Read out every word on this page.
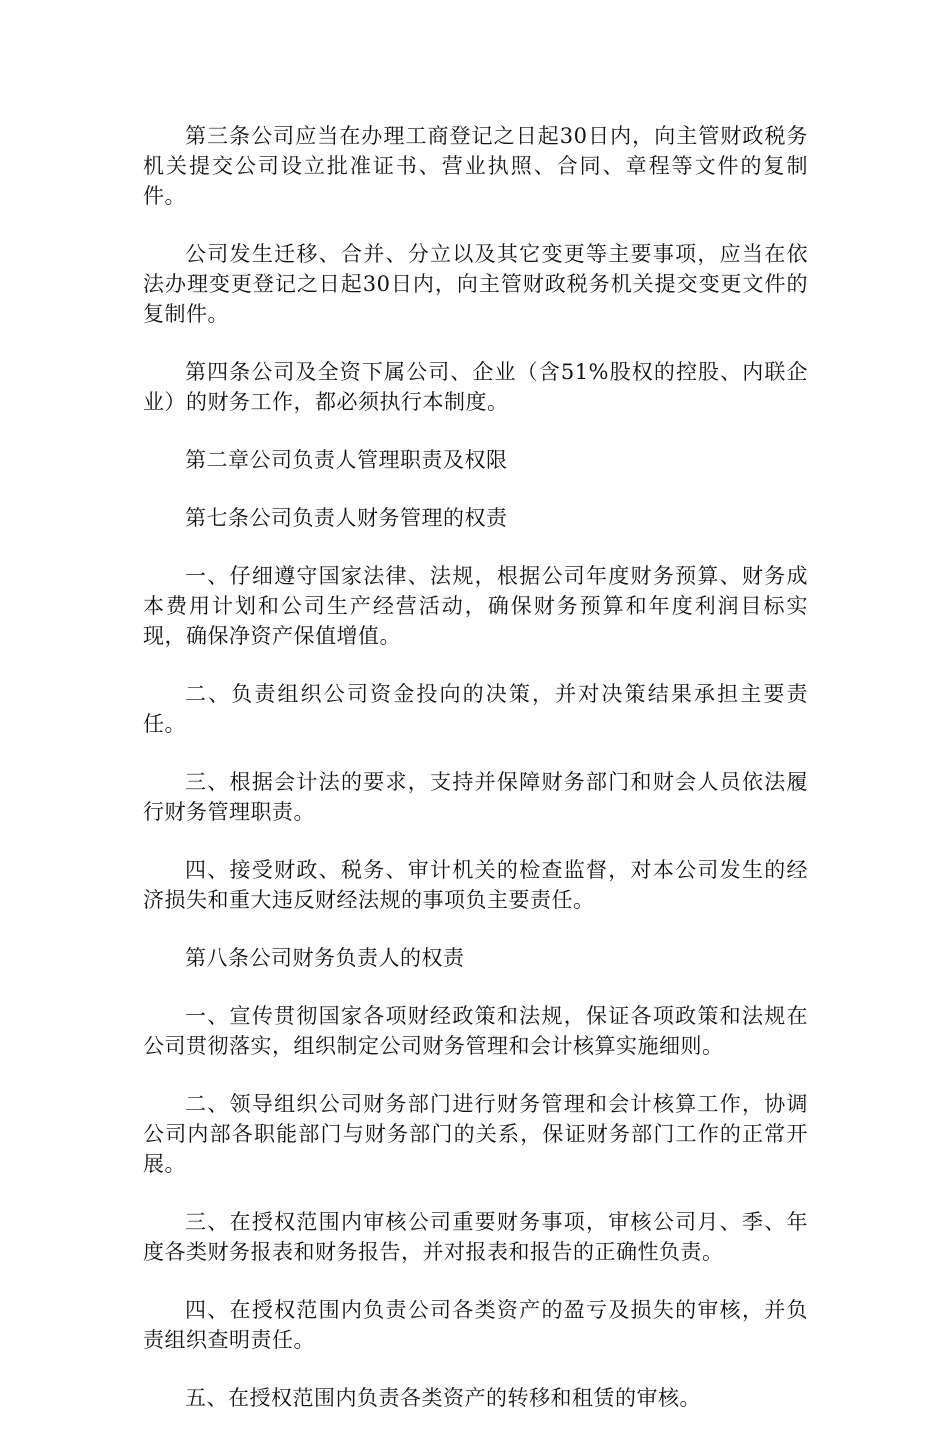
第三条公司应当在办理工商登记之日起30日内，向主管财政税务机关提交公司设立批准证书、营业执照、合同、章程等文件的复制件。

公司发生迁移、合并、分立以及其它变更等主要事项，应当在依法办理变更登记之日起30日内，向主管财政税务机关提交变更文件的复制件。

第四条公司及全资下属公司、企业（含51%股权的控股、内联企业）的财务工作，都必须执行本制度。

第二章公司负责人管理职责及权限

第七条公司负责人财务管理的权责

一、仔细遵守国家法律、法规，根据公司年度财务预算、财务成本费用计划和公司生产经营活动，确保财务预算和年度利润目标实现，确保净资产保值增值。

二、负责组织公司资金投向的决策，并对决策结果承担主要责任。

三、根据会计法的要求，支持并保障财务部门和财会人员依法履行财务管理职责。

四、接受财政、税务、审计机关的检查监督，对本公司发生的经济损失和重大违反财经法规的事项负主要责任。

第八条公司财务负责人的权责

一、宣传贯彻国家各项财经政策和法规，保证各项政策和法规在公司贯彻落实，组织制定公司财务管理和会计核算实施细则。

二、领导组织公司财务部门进行财务管理和会计核算工作，协调公司内部各职能部门与财务部门的关系，保证财务部门工作的正常开展。

三、在授权范围内审核公司重要财务事项，审核公司月、季、年度各类财务报表和财务报告，并对报表和报告的正确性负责。

四、在授权范围内负责公司各类资产的盈亏及损失的审核，并负责组织查明责任。

五、在授权范围内负责各类资产的转移和租赁的审核。
